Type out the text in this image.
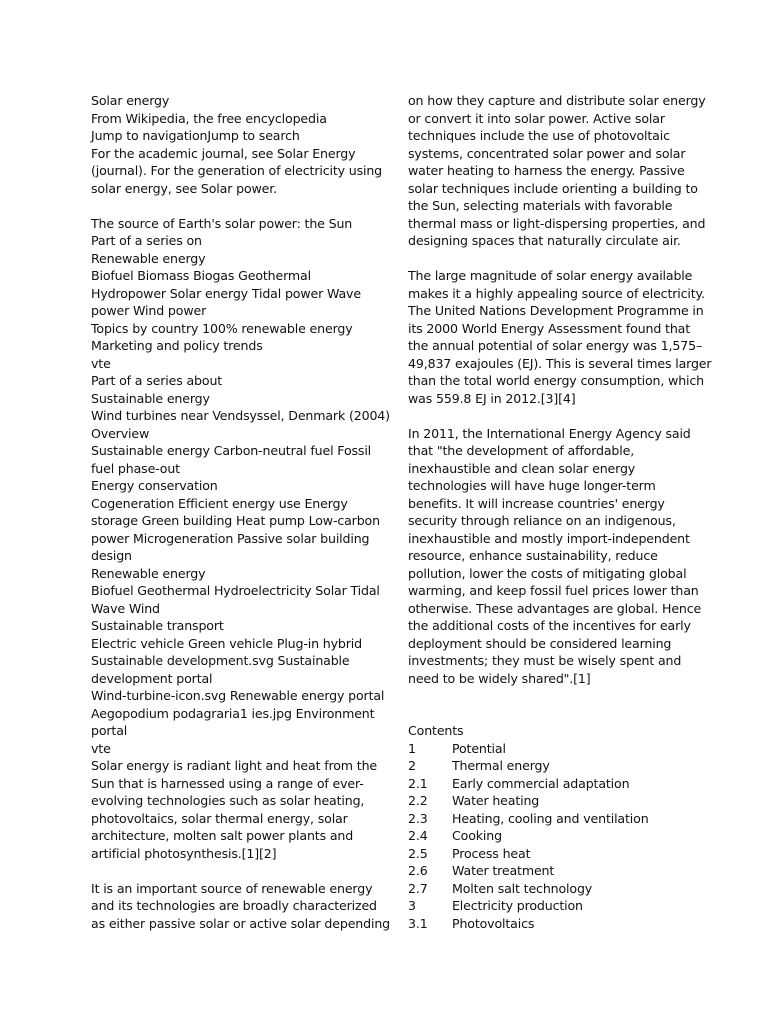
Solar energy
From Wikipedia, the free encyclopedia
Jump to navigationJump to search
For the academic journal, see Solar Energy
(journal). For the generation of electricity using
solar energy, see Solar power.
The source of Earth's solar power: the Sun
Part of a series on
Renewable energy
Biofuel Biomass Biogas Geothermal
Hydropower Solar energy Tidal power Wave
power Wind power
Topics by country 100% renewable energy
Marketing and policy trends
vte
Part of a series about
Sustainable energy
Wind turbines near Vendsyssel, Denmark (2004)
Overview
Sustainable energy Carbon-neutral fuel Fossil
fuel phase-out
Energy conservation
Cogeneration Efficient energy use Energy
storage Green building Heat pump Low-carbon
power Microgeneration Passive solar building
design
Renewable energy
Biofuel Geothermal Hydroelectricity Solar Tidal
Wave Wind
Sustainable transport
Electric vehicle Green vehicle Plug-in hybrid
Sustainable development.svg Sustainable
development portal
Wind-turbine-icon.svg Renewable energy portal
Aegopodium podagraria1 ies.jpg Environment
portal
vte
Solar energy is radiant light and heat from the
Sun that is harnessed using a range of ever-
evolving technologies such as solar heating,
photovoltaics, solar thermal energy, solar
architecture, molten salt power plants and
artificial photosynthesis.[1][2]
It is an important source of renewable energy
and its technologies are broadly characterized
as either passive solar or active solar depending
on how they capture and distribute solar energy
or convert it into solar power. Active solar
techniques include the use of photovoltaic
systems, concentrated solar power and solar
water heating to harness the energy. Passive
solar techniques include orienting a building to
the Sun, selecting materials with favorable
thermal mass or light-dispersing properties, and
designing spaces that naturally circulate air.
The large magnitude of solar energy available
makes it a highly appealing source of electricity.
The United Nations Development Programme in
its 2000 World Energy Assessment found that
the annual potential of solar energy was 1,575–
49,837 exajoules (EJ). This is several times larger
than the total world energy consumption, which
was 559.8 EJ in 2012.[3][4]
In 2011, the International Energy Agency said
that "the development of affordable,
inexhaustible and clean solar energy
technologies will have huge longer-term
benefits. It will increase countries' energy
security through reliance on an indigenous,
inexhaustible and mostly import-independent
resource, enhance sustainability, reduce
pollution, lower the costs of mitigating global
warming, and keep fossil fuel prices lower than
otherwise. These advantages are global. Hence
the additional costs of the incentives for early
deployment should be considered learning
investments; they must be wisely spent and
need to be widely shared".[1]
Contents
1	Potential
2	Thermal energy
2.1 Early commercial adaptation
2.2 Water heating
2.3 Heating, cooling and ventilation
2.4 Cooking
2.5 Process heat
2.6 Water treatment
2.7 Molten salt technology
3	Electricity production
3.1 Photovoltaics
